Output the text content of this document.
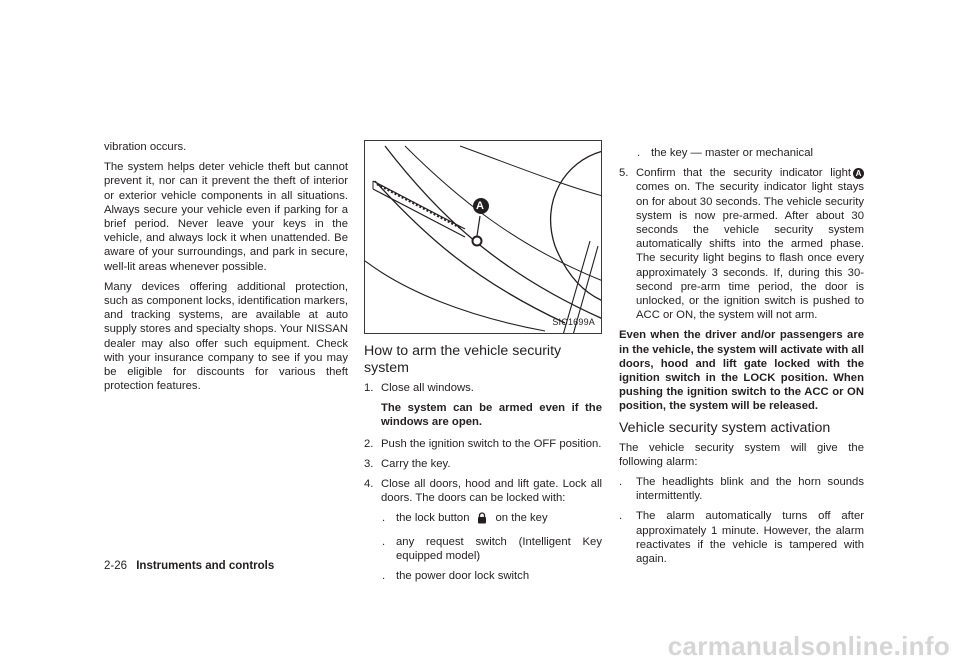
vibration occurs.

The system helps deter vehicle theft but cannot prevent it, nor can it prevent the theft of interior or exterior vehicle components in all situations. Always secure your vehicle even if parking for a brief period. Never leave your keys in the vehicle, and always lock it when unattended. Be aware of your surroundings, and park in secure, well-lit areas whenever possible.

Many devices offering additional protection, such as component locks, identification markers, and tracking systems, are available at auto supply stores and specialty shops. Your NISSAN dealer may also offer such equipment. Check with your insurance company to see if you may be eligible for discounts for various theft protection features.

A
SIC1699A
How to arm the vehicle security system

1. Close all windows.

The system can be armed even if the windows are open.

2. Push the ignition switch to the OFF position.

3. Carry the key.

4. Close all doors, hood and lift gate. Lock all doors. The doors can be locked with:

. the lock button on the key

. any request switch (Intelligent Key equipped model)

. the power door lock switch

. the key — master or mechanical

5. Confirm that the security indicator light A comes on. The security indicator light stays on for about 30 seconds. The vehicle security system is now pre-armed. After about 30 seconds the vehicle security system automatically shifts into the armed phase. The security light begins to flash once every approximately 3 seconds. If, during this 30-second pre-arm time period, the door is unlocked, or the ignition switch is pushed to ACC or ON, the system will not arm.

Even when the driver and/or passengers are in the vehicle, the system will activate with all doors, hood and lift gate locked with the ignition switch in the LOCK position. When pushing the ignition switch to the ACC or ON position, the system will be released.

Vehicle security system activation

The vehicle security system will give the following alarm:

. The headlights blink and the horn sounds intermittently.

. The alarm automatically turns off after approximately 1 minute. However, the alarm reactivates if the vehicle is tampered with again.

2-26 Instruments and controls
carmanualsonline.info
